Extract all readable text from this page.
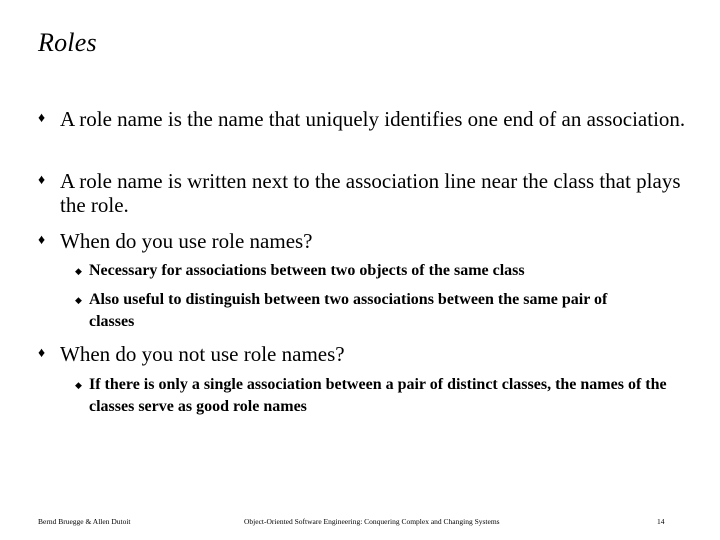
Roles
♦ A role name is the name that uniquely identifies one end of an association.
♦ A role name is written next to the association line near the class that plays the role.
♦ When do you use role names?
◆ Necessary for associations between two objects of the same class
◆ Also useful to distinguish between two associations between the same pair of classes
♦ When do you not use role names?
◆ If there is only a single association between a pair of distinct classes, the names of the classes serve as good role names
Bernd Bruegge & Allen Dutoit	Object-Oriented Software Engineering: Conquering Complex and Changing Systems	14
